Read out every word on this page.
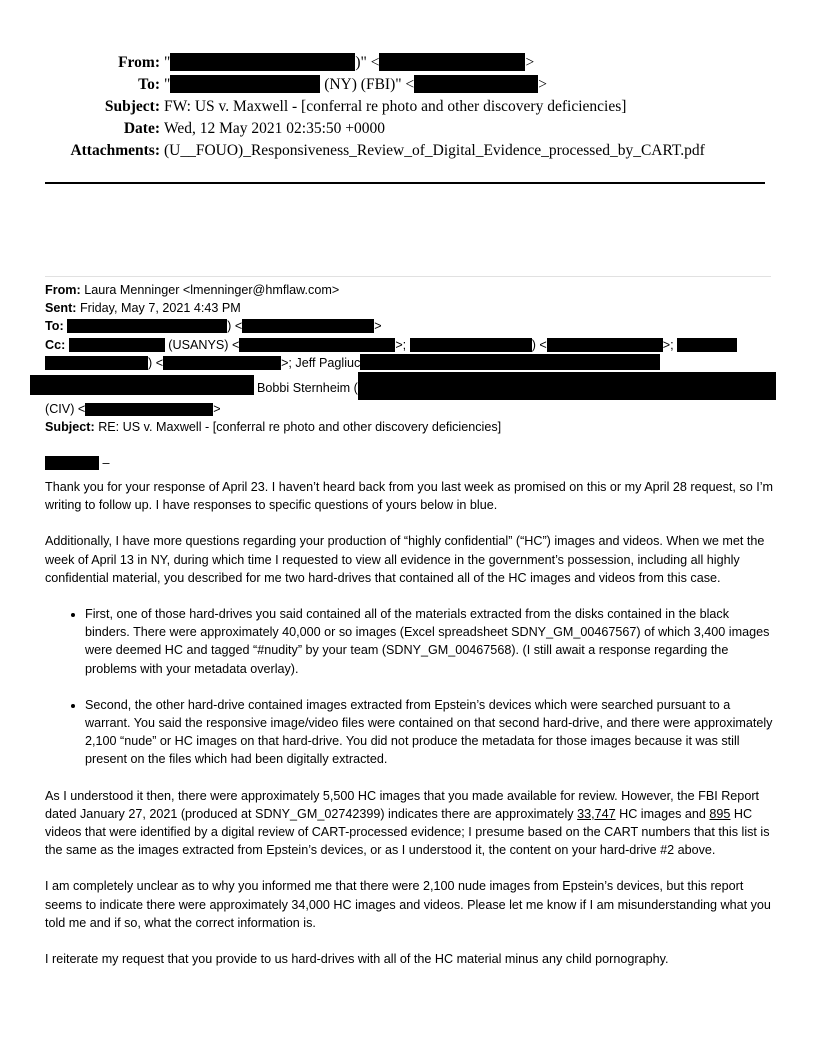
From: "	)" <	>
To: "	(NY) (FBI)" <	>
Subject: FW: US v. Maxwell - [conferral re photo and other discovery deficiencies]
Date: Wed, 12 May 2021 02:35:50 +0000
Attachments: (U__FOUO)_Responsiveness_Review_of_Digital_Evidence_processed_by_CART.pdf
From: Laura Menninger <lmenninger@hmflaw.com>
Sent: Friday, May 7, 2021 4:43 PM
To:	) <	>
Cc:	(USANYS) <	>;	) <	>;
) <	>; Jeff Pagliuc
Bobbi Sternheim (
(CIV) <	>
Subject: RE: US v. Maxwell - [conferral re photo and other discovery deficiencies]
–

Thank you for your response of April 23. I haven’t heard back from you last week as promised on this or my April 28 request, so I’m writing to follow up. I have responses to specific questions of yours below in blue.

Additionally, I have more questions regarding your production of “highly confidential” (“HC”) images and videos. When we met the week of April 13 in NY, during which time I requested to view all evidence in the government’s possession, including all highly confidential material, you described for me two hard-drives that contained all of the HC images and videos from this case.

• First, one of those hard-drives you said contained all of the materials extracted from the disks contained in the black binders. There were approximately 40,000 or so images (Excel spreadsheet SDNY_GM_00467567) of which 3,400 images were deemed HC and tagged “#nudity” by your team (SDNY_GM_00467568). (I still await a response regarding the problems with your metadata overlay).
• Second, the other hard-drive contained images extracted from Epstein’s devices which were searched pursuant to a warrant. You said the responsive image/video files were contained on that second hard-drive, and there were approximately 2,100 “nude” or HC images on that hard-drive. You did not produce the metadata for those images because it was still present on the files which had been digitally extracted.

As I understood it then, there were approximately 5,500 HC images that you made available for review. However, the FBI Report dated January 27, 2021 (produced at SDNY_GM_02742399) indicates there are approximately 33,747 HC images and 895 HC videos that were identified by a digital review of CART-processed evidence; I presume based on the CART numbers that this list is the same as the images extracted from Epstein’s devices, or as I understood it, the content on your hard-drive #2 above.

I am completely unclear as to why you informed me that there were 2,100 nude images from Epstein’s devices, but this report seems to indicate there were approximately 34,000 HC images and videos. Please let me know if I am misunderstanding what you told me and if so, what the correct information is.

I reiterate my request that you provide to us hard-drives with all of the HC material minus any child pornography.
